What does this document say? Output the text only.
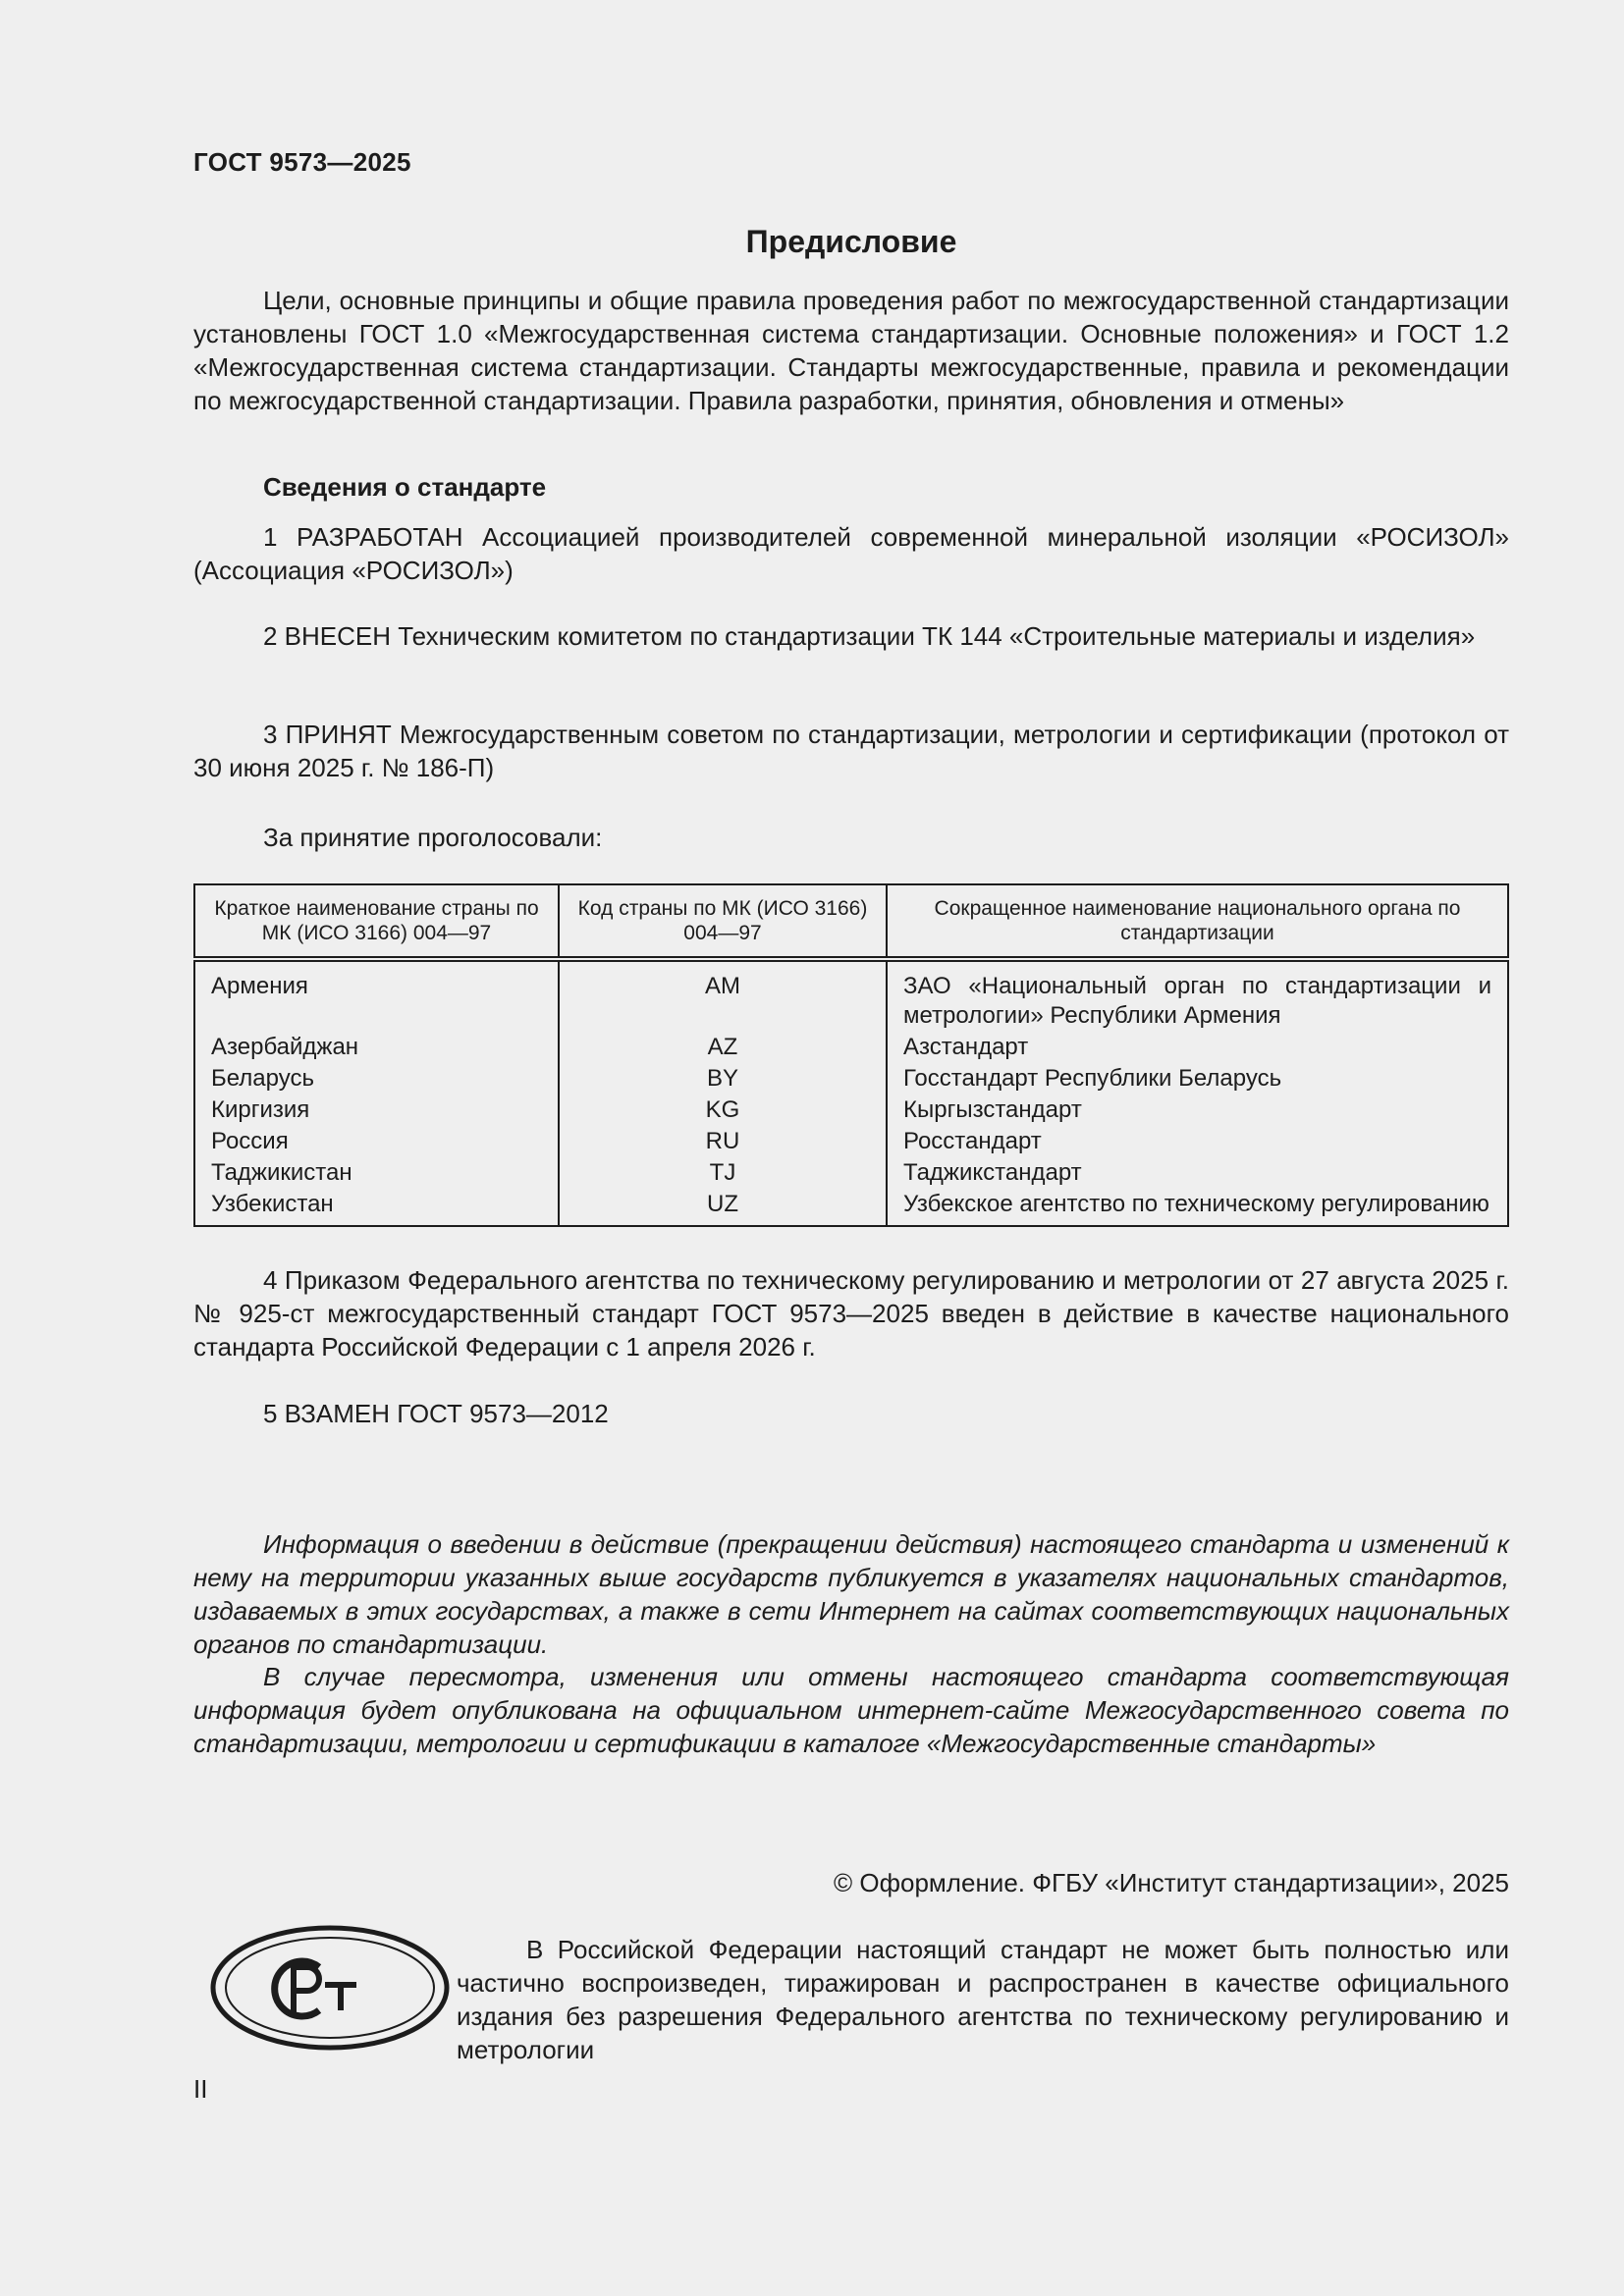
ГОСТ 9573—2025
Предисловие
Цели, основные принципы и общие правила проведения работ по межгосударственной стандартизации установлены ГОСТ 1.0 «Межгосударственная система стандартизации. Основные положения» и ГОСТ 1.2 «Межгосударственная система стандартизации. Стандарты межгосударственные, правила и рекомендации по межгосударственной стандартизации. Правила разработки, принятия, обновления и отмены»
Сведения о стандарте
1 РАЗРАБОТАН Ассоциацией производителей современной минеральной изоляции «РОСИЗОЛ» (Ассоциация «РОСИЗОЛ»)
2 ВНЕСЕН Техническим комитетом по стандартизации ТК 144 «Строительные материалы и изделия»
3 ПРИНЯТ Межгосударственным советом по стандартизации, метрологии и сертификации (протокол от 30 июня 2025 г. № 186-П)
За принятие проголосовали:
Краткое наименование страны по МК (ИСО 3166) 004—97	Код страны по МК (ИСО 3166) 004—97	Сокращенное наименование национального органа по стандартизации
Армения	AM	ЗАО «Национальный орган по стандартизации и метрологии» Республики Армения
Азербайджан	AZ	Азстандарт
Беларусь	BY	Госстандарт Республики Беларусь
Киргизия	KG	Кыргызстандарт
Россия	RU	Росстандарт
Таджикистан	TJ	Таджикстандарт
Узбекистан	UZ	Узбекское агентство по техническому регулированию
4 Приказом Федерального агентства по техническому регулированию и метрологии от 27 августа 2025 г. № 925-ст межгосударственный стандарт ГОСТ 9573—2025 введен в действие в качестве национального стандарта Российской Федерации с 1 апреля 2026 г.
5 ВЗАМЕН ГОСТ 9573—2012
Информация о введении в действие (прекращении действия) настоящего стандарта и изменений к нему на территории указанных выше государств публикуется в указателях национальных стандартов, издаваемых в этих государствах, а также в сети Интернет на сайтах соответствующих национальных органов по стандартизации.
В случае пересмотра, изменения или отмены настоящего стандарта соответствующая информация будет опубликована на официальном интернет-сайте Межгосударственного совета по стандартизации, метрологии и сертификации в каталоге «Межгосударственные стандарты»
© Оформление. ФГБУ «Институт стандартизации», 2025
В Российской Федерации настоящий стандарт не может быть полностью или частично воспроизведен, тиражирован и распространен в качестве официального издания без разрешения Федерального агентства по техническому регулированию и метрологии
II
